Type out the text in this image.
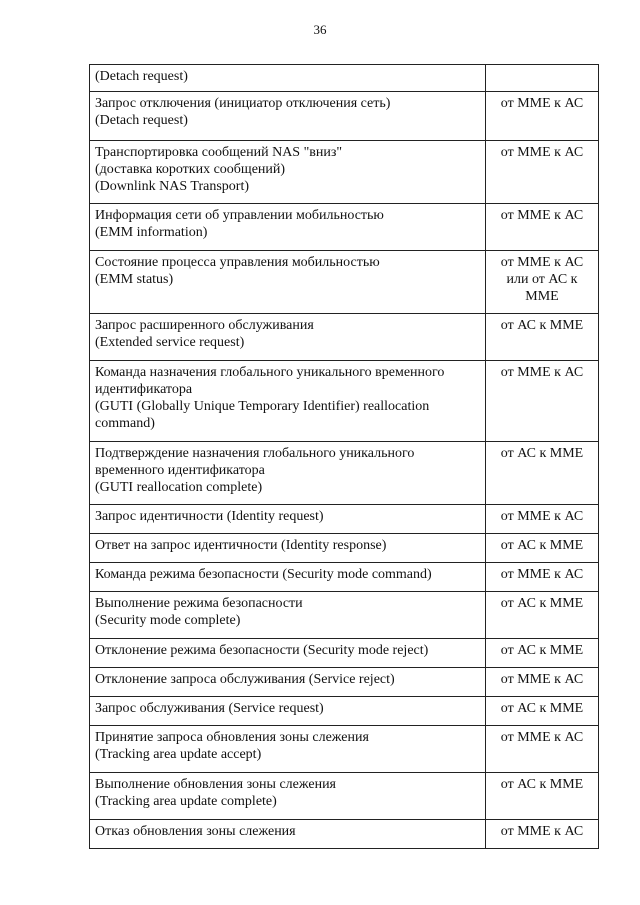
36
(Detach request)	

Запрос отключения (инициатор отключения сеть)
(Detach request)	от MME к АС

Транспортировка сообщений NAS "вниз"
(доставка коротких сообщений)
(Downlink NAS Transport)	от MME к АС

Информация сети об управлении мобильностью
(EMM information)	от MME к АС

Состояние процесса управления мобильностью
(EMM status)	от MME к АС или от АС к MME

Запрос расширенного обслуживания
(Extended service request)	от АС к MME

Команда назначения глобального уникального временного идентификатора
(GUTI (Globally Unique Temporary Identifier) reallocation command)	от MME к АС

Подтверждение назначения глобального уникального временного идентификатора
(GUTI reallocation complete)	от АС к MME

Запрос идентичности (Identity request)	от MME к АС

Ответ на запрос идентичности (Identity response)	от АС к MME

Команда режима безопасности (Security mode command)	от MME к АС

Выполнение режима безопасности
(Security mode complete)	от АС к MME

Отклонение режима безопасности (Security mode reject)	от АС к MME

Отклонение запроса обслуживания (Service reject)	от MME к АС

Запрос обслуживания (Service request)	от АС к MME

Принятие запроса обновления зоны слежения
(Tracking area update accept)	от MME к АС

Выполнение обновления зоны слежения
(Tracking area update complete)	от АС к MME

Отказ обновления зоны слежения	от MME к АС
